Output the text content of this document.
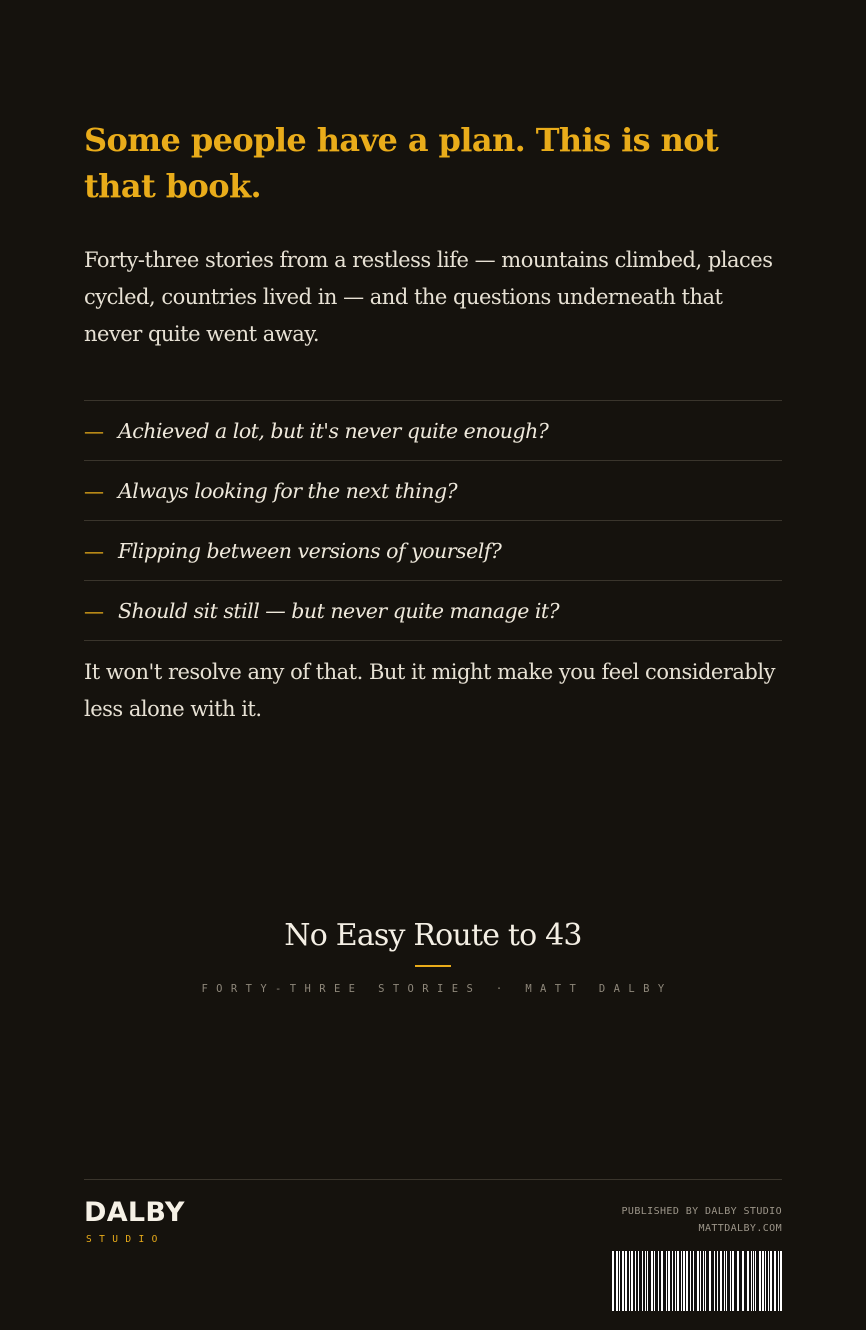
Some people have a plan. This is not that book.

Forty-three stories from a restless life — mountains climbed, places cycled, countries lived in — and the questions underneath that never quite went away.

— Achieved a lot, but it's never quite enough?
— Always looking for the next thing?
— Flipping between versions of yourself?
— Should sit still — but never quite manage it?

It won't resolve any of that. But it might make you feel considerably less alone with it.

No Easy Route to 43
FORTY-THREE STORIES · MATT DALBY
DALBY
STUDIO
PUBLISHED BY DALBY STUDIO
MATTDALBY.COM
